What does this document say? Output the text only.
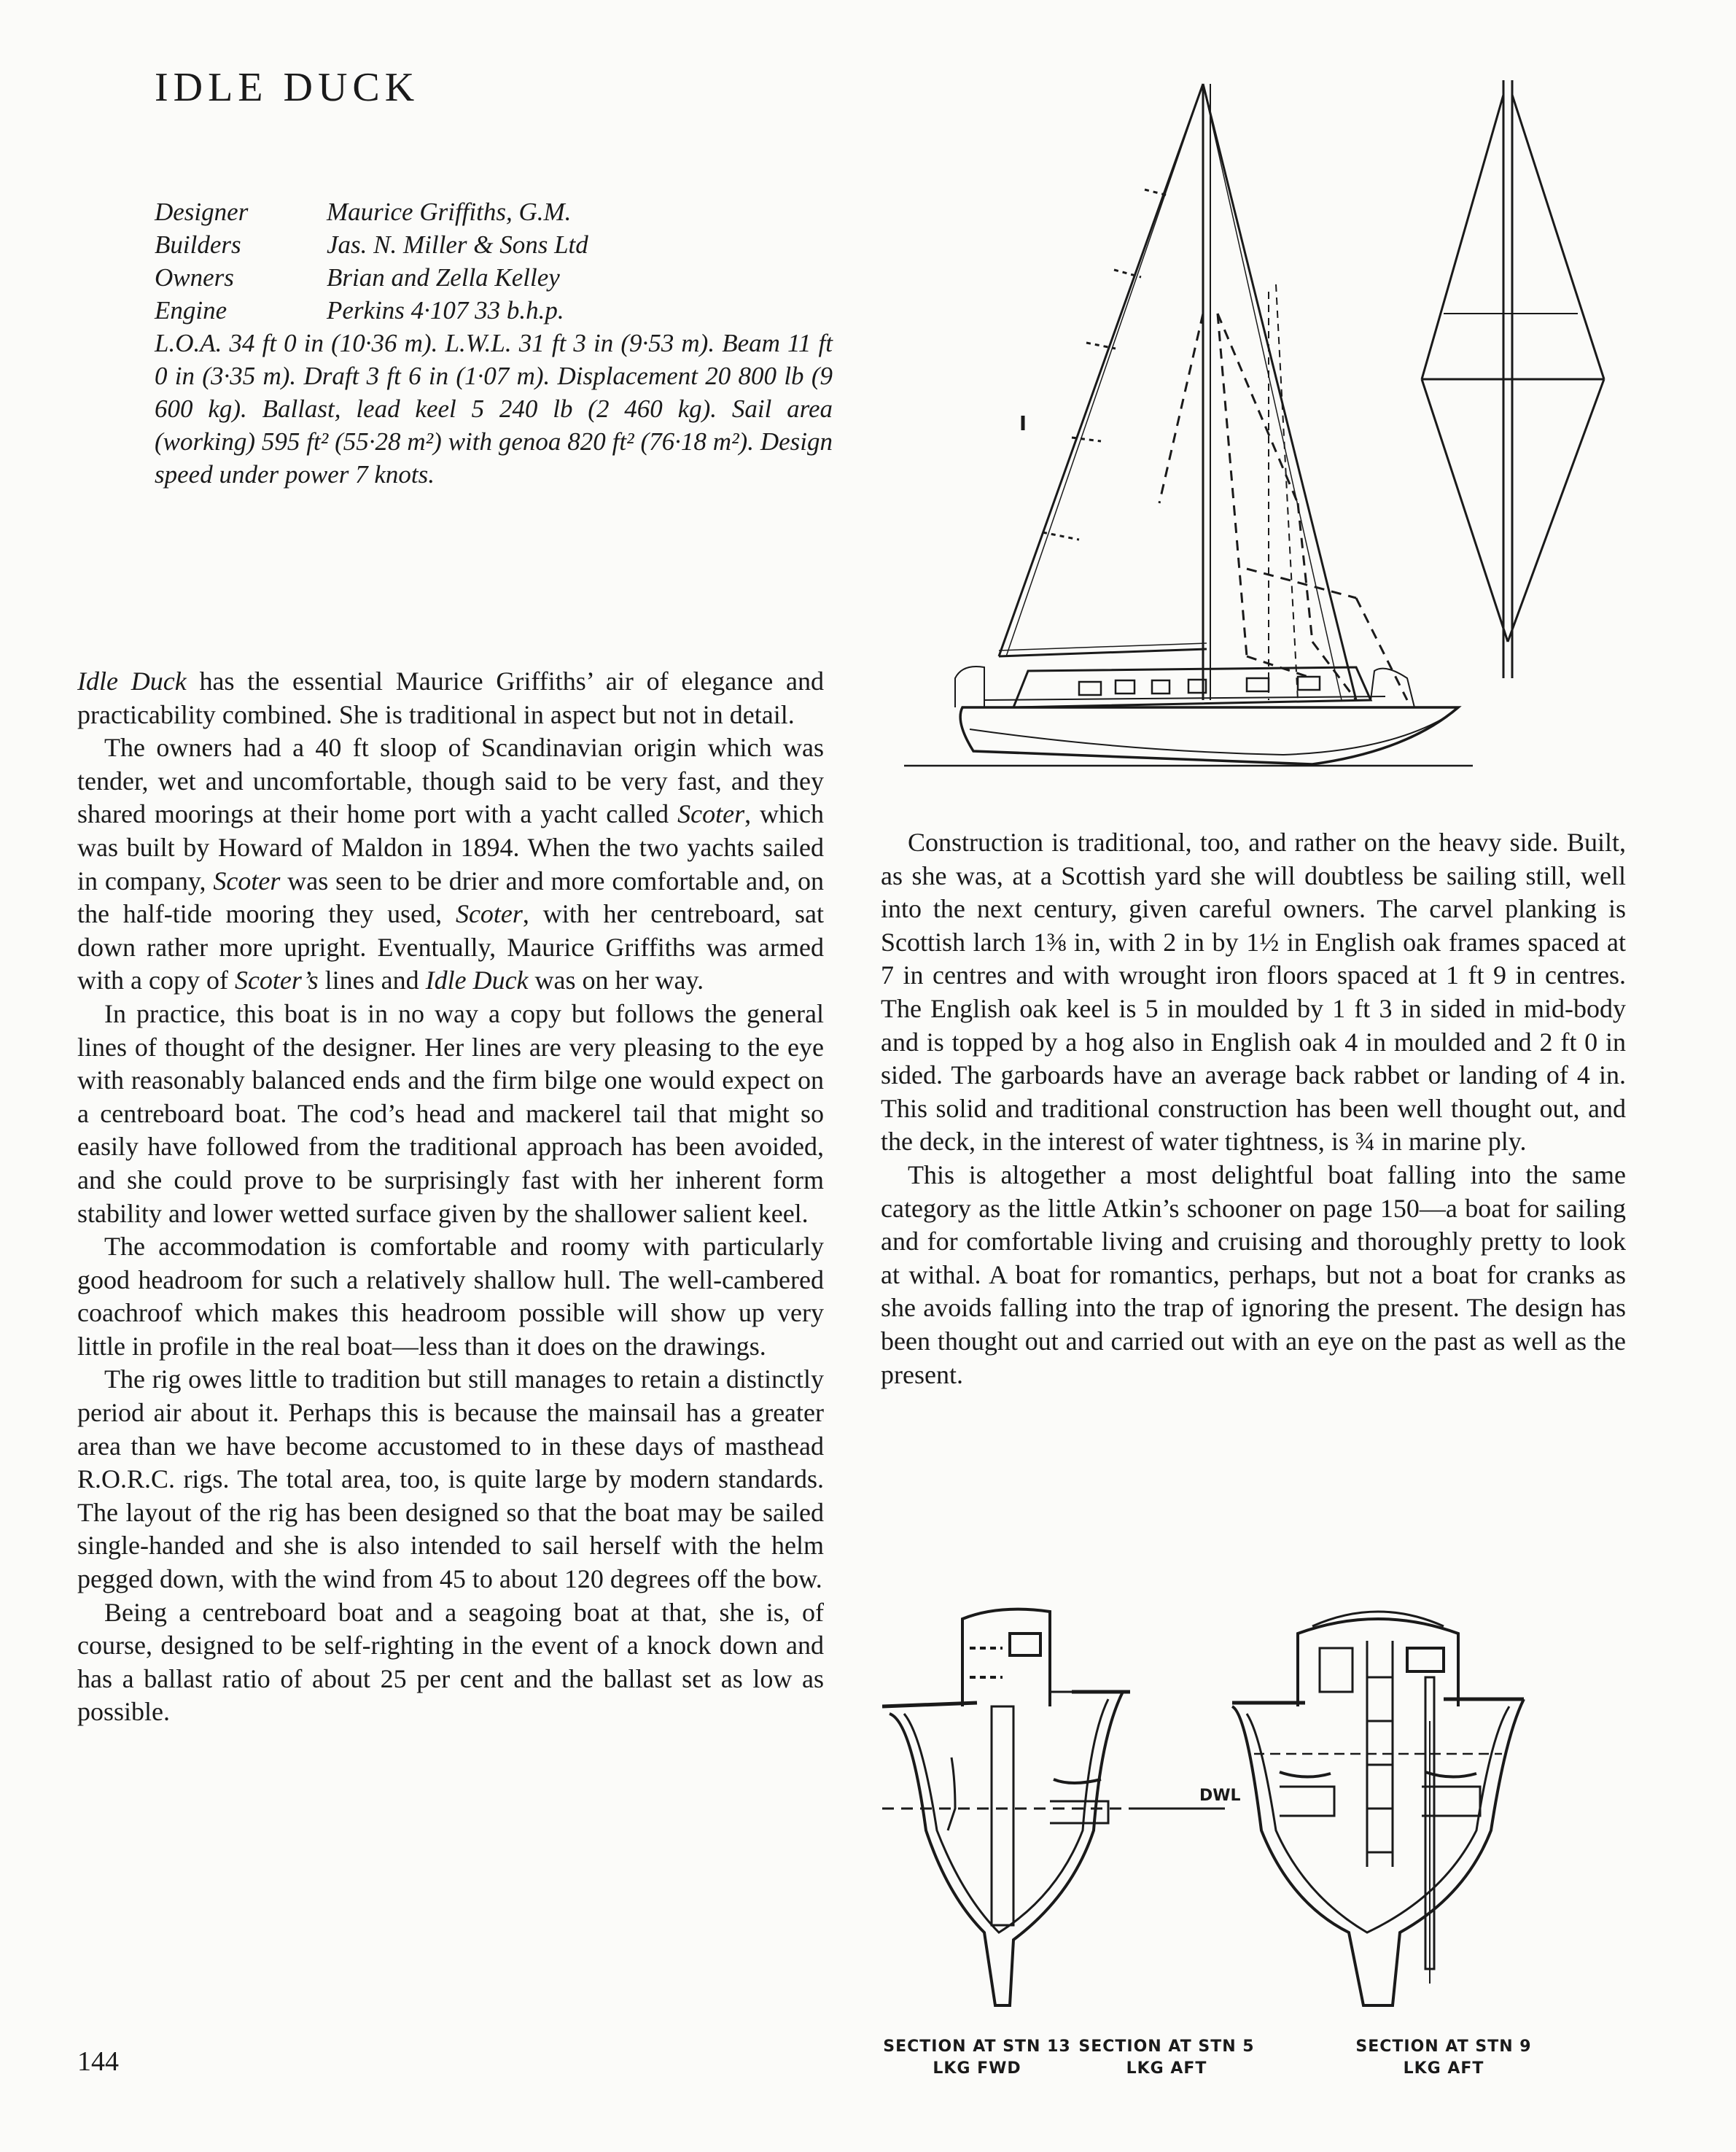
IDLE DUCK
Designer	Maurice Griffiths, G.M.
Builders	Jas. N. Miller & Sons Ltd
Owners	Brian and Zella Kelley
Engine	Perkins 4·107 33 b.h.p.

L.O.A. 34 ft 0 in (10·36 m). L.W.L. 31 ft 3 in (9·53 m). Beam 11 ft 0 in (3·35 m). Draft 3 ft 6 in (1·07 m). Displacement 20 800 lb (9 600 kg). Ballast, lead keel 5 240 lb (2 460 kg). Sail area (working) 595 ft² (55·28 m²) with genoa 820 ft² (76·18 m²). Design speed under power 7 knots.

DWL
SECTION AT STN 13
LKG FWD
SECTION AT STN 5
LKG AFT
SECTION AT STN 9
LKG AFT

Idle Duck has the essential Maurice Griffiths’ air of elegance and practicability combined. She is traditional in aspect but not in detail.

The owners had a 40 ft sloop of Scandinavian origin which was tender, wet and uncomfortable, though said to be very fast, and they shared moorings at their home port with a yacht called Scoter, which was built by Howard of Maldon in 1894. When the two yachts sailed in company, Scoter was seen to be drier and more comfortable and, on the half-tide mooring they used, Scoter, with her centreboard, sat down rather more upright. Eventually, Maurice Griffiths was armed with a copy of Scoter’s lines and Idle Duck was on her way.

In practice, this boat is in no way a copy but follows the general lines of thought of the designer. Her lines are very pleasing to the eye with reasonably balanced ends and the firm bilge one would expect on a centreboard boat. The cod’s head and mackerel tail that might so easily have followed from the traditional approach has been avoided, and she could prove to be surprisingly fast with her inherent form stability and lower wetted surface given by the shallower salient keel.

The accommodation is comfortable and roomy with particularly good headroom for such a relatively shallow hull. The well-cambered coachroof which makes this headroom possible will show up very little in profile in the real boat—less than it does on the drawings.

The rig owes little to tradition but still manages to retain a distinctly period air about it. Perhaps this is because the mainsail has a greater area than we have become accustomed to in these days of masthead R.O.R.C. rigs. The total area, too, is quite large by modern standards. The layout of the rig has been designed so that the boat may be sailed single-handed and she is also intended to sail herself with the helm pegged down, with the wind from 45 to about 120 degrees off the bow.

Being a centreboard boat and a seagoing boat at that, she is, of course, designed to be self-righting in the event of a knock down and has a ballast ratio of about 25 per cent and the ballast set as low as possible.

Construction is traditional, too, and rather on the heavy side. Built, as she was, at a Scottish yard she will doubtless be sailing still, well into the next century, given careful owners. The carvel planking is Scottish larch 1⅜ in, with 2 in by 1½ in English oak frames spaced at 7 in centres and with wrought iron floors spaced at 1 ft 9 in centres. The English oak keel is 5 in moulded by 1 ft 3 in sided in mid-body and is topped by a hog also in English oak 4 in moulded and 2 ft 0 in sided. The garboards have an average back rabbet or landing of 4 in. This solid and traditional construction has been well thought out, and the deck, in the interest of water tightness, is ¾ in marine ply.

This is altogether a most delightful boat falling into the same category as the little Atkin’s schooner on page 150—a boat for sailing and for comfortable living and cruising and thoroughly pretty to look at withal. A boat for romantics, perhaps, but not a boat for cranks as she avoids falling into the trap of ignoring the present. The design has been thought out and carried out with an eye on the past as well as the present.

144
